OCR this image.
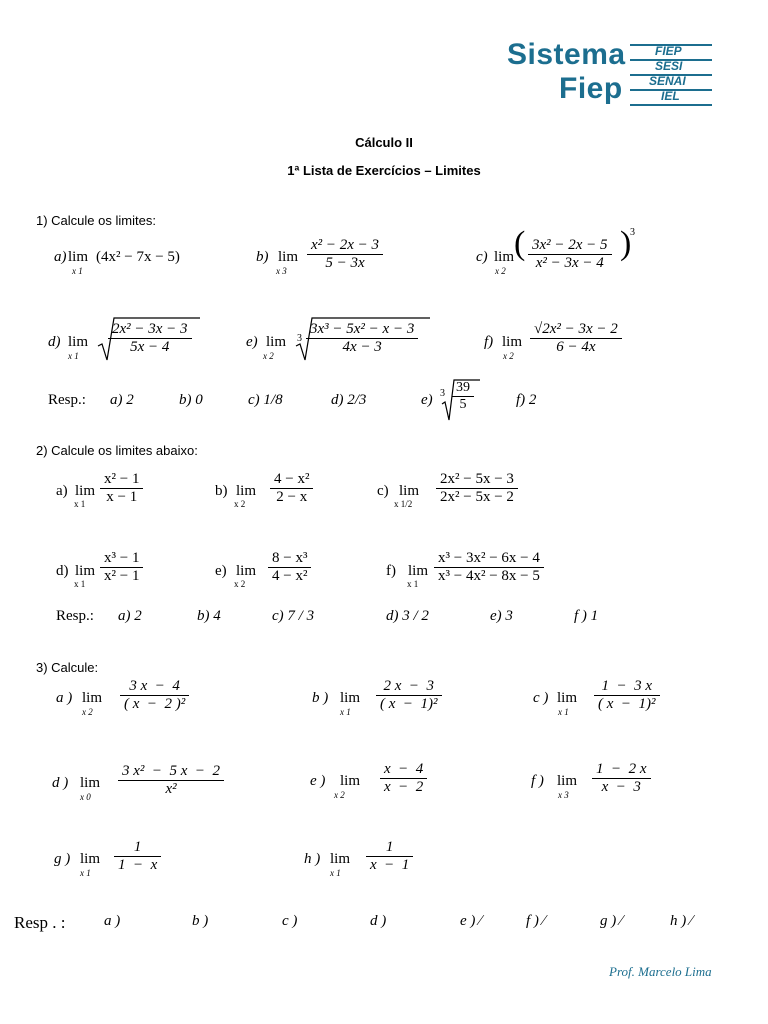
Sistema
Fiep
FIEP
SESI
SENAI
IEL
Cálculo II
1ª Lista de Exercícios – Limites
1) Calcule os limites:
a) lim
x 1
(4x² − 7x − 5)	b) lim
x $3 \frac{\text{x² − 2x − 3}}{5 - 3x}$	c) lim
x 2
( $\frac{\text{3x² − 2x − 5}}{\text{x² − 3x − 4}}$ )
3
d) lim
x $1 \frac{\text{2x² − 3x − 3}}{5x - 4}$	e) lim
x 2
$3 \frac{\text{3x³ − 5x² − x − 3}}{4x - 3}$	f) lim
x $2 \frac{\text{√2x² − 3x − 2}}{6 - 4x}$
Resp.: a) 2	b) 0	c) 1/8	d) 2/3	e) $3 \frac{39}{5}$	f) 2
2) Calcule os limites abaixo:
a) lim
x $1 \frac{\text{x² − 1}}{x - 1}$	b) lim
x $2 \frac{\text{4 − x²}}{2 - x}$	c) lim
x $1/2 \frac{\text{2x² − 5x − 3}}{\text{2x² − 5x − 2}}$
d) lim
x $1 \frac{\text{x³ − 1}}{\text{x² − 1}}$	e) lim
x $2 \frac{\text{8 − x³}}{\text{4 − x²}}$	f) lim
x $1 \frac{\text{x³ − 3x² − 6x − 4}}{\text{x³ − 4x² − 8x − 5}}$
Resp.: a) 2	b) 4	c) 7 / 3	d) 3 / 2	e) 3	f ) 1
3) Calcule:
a ) lim
x $2 \frac{3 x - 4}{\text{( x  −  2 )²}}$	b ) lim
x $1 \frac{2 x - 3}{\text{( x  −  1)²}}$	c ) lim
x $1 \frac{1 - 3 x}{\text{( x  −  1)²}}$
d ) lim
x $0 \frac{\text{3 x²  −  5 x  −  2}}{\text{x²}}$	e ) lim
x $2 \frac{x - 4}{x - 2}$	f ) lim
x $3 \frac{1 - 2 x}{x - 3}$
g ) lim
x $1 \frac{1}{1 - x}$	h ) lim
x $1 \frac{1}{x - 1}$
Resp . :	a )	b )	c )	d )	e ) ∕	f ) ∕	g ) ∕	h ) ∕
Prof. Marcelo Lima
